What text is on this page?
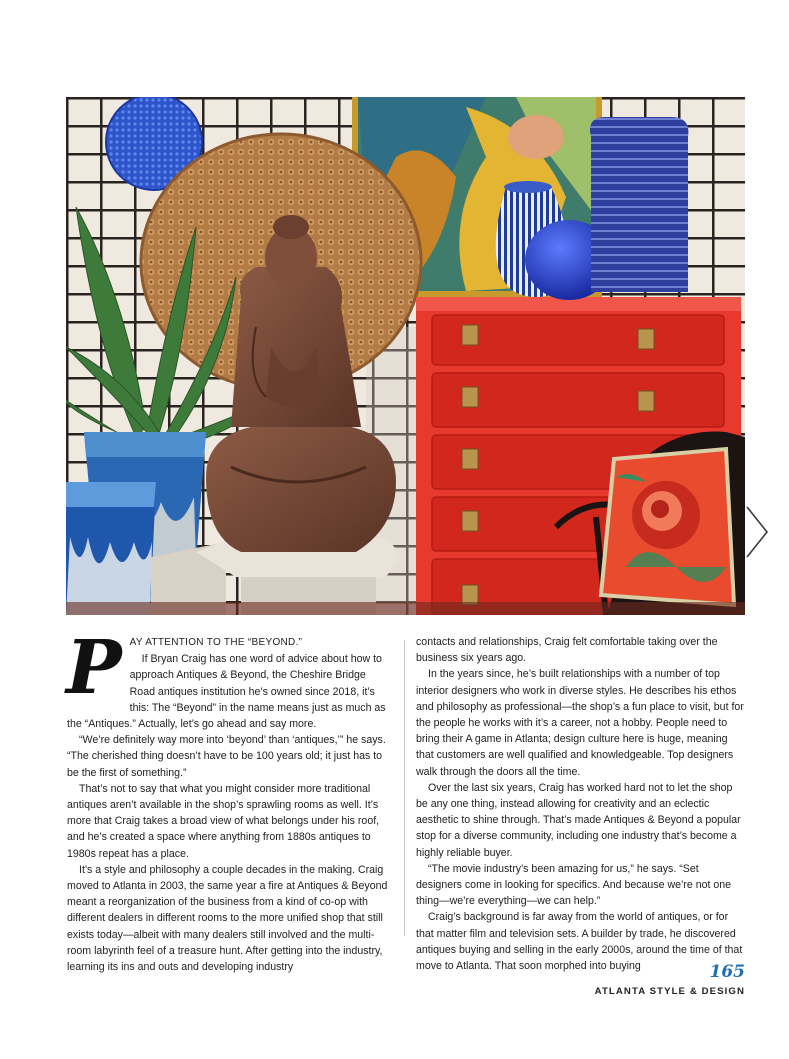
P AY ATTENTION TO THE “BEYOND.”
If Bryan Craig has one word of advice about how to approach Antiques & Beyond, the Cheshire Bridge Road antiques institution he’s owned since 2018, it’s this: The “Beyond” in the name means just as much as the “Antiques.” Actually, let’s go ahead and say more.

“We’re definitely way more into ‘beyond’ than ‘antiques,’” he says. “The cherished thing doesn’t have to be 100 years old; it just has to be the first of something.”

That’s not to say that what you might consider more traditional antiques aren’t available in the shop’s sprawling rooms as well. It’s more that Craig takes a broad view of what belongs under his roof, and he’s created a space where anything from 1880s antiques to 1980s repeat has a place.

It’s a style and philosophy a couple decades in the making. Craig moved to Atlanta in 2003, the same year a fire at Antiques & Beyond meant a reorganization of the business from a kind of co-op with different dealers in different rooms to the more unified shop that still exists today—albeit with many dealers still involved and the multi-room labyrinth feel of a treasure hunt. After getting into the industry, learning its ins and outs and developing industry

contacts and relationships, Craig felt comfortable taking over the business six years ago.

In the years since, he’s built relationships with a number of top interior designers who work in diverse styles. He describes his ethos and philosophy as professional—the shop’s a fun place to visit, but for the people he works with it’s a career, not a hobby. People need to bring their A game in Atlanta; design culture here is huge, meaning that customers are well qualified and knowledgeable. Top designers walk through the doors all the time.

Over the last six years, Craig has worked hard not to let the shop be any one thing, instead allowing for creativity and an eclectic aesthetic to shine through. That’s made Antiques & Beyond a popular stop for a diverse community, including one industry that’s become a highly reliable buyer.

“The movie industry’s been amazing for us,” he says. “Set designers come in looking for specifics. And because we’re not one thing—we’re everything—we can help.”

Craig’s background is far away from the world of antiques, or for that matter film and television sets. A builder by trade, he discovered antiques buying and selling in the early 2000s, around the time of that move to Atlanta. That soon morphed into buying	165
ATLANTA STYLE & DESIGN
